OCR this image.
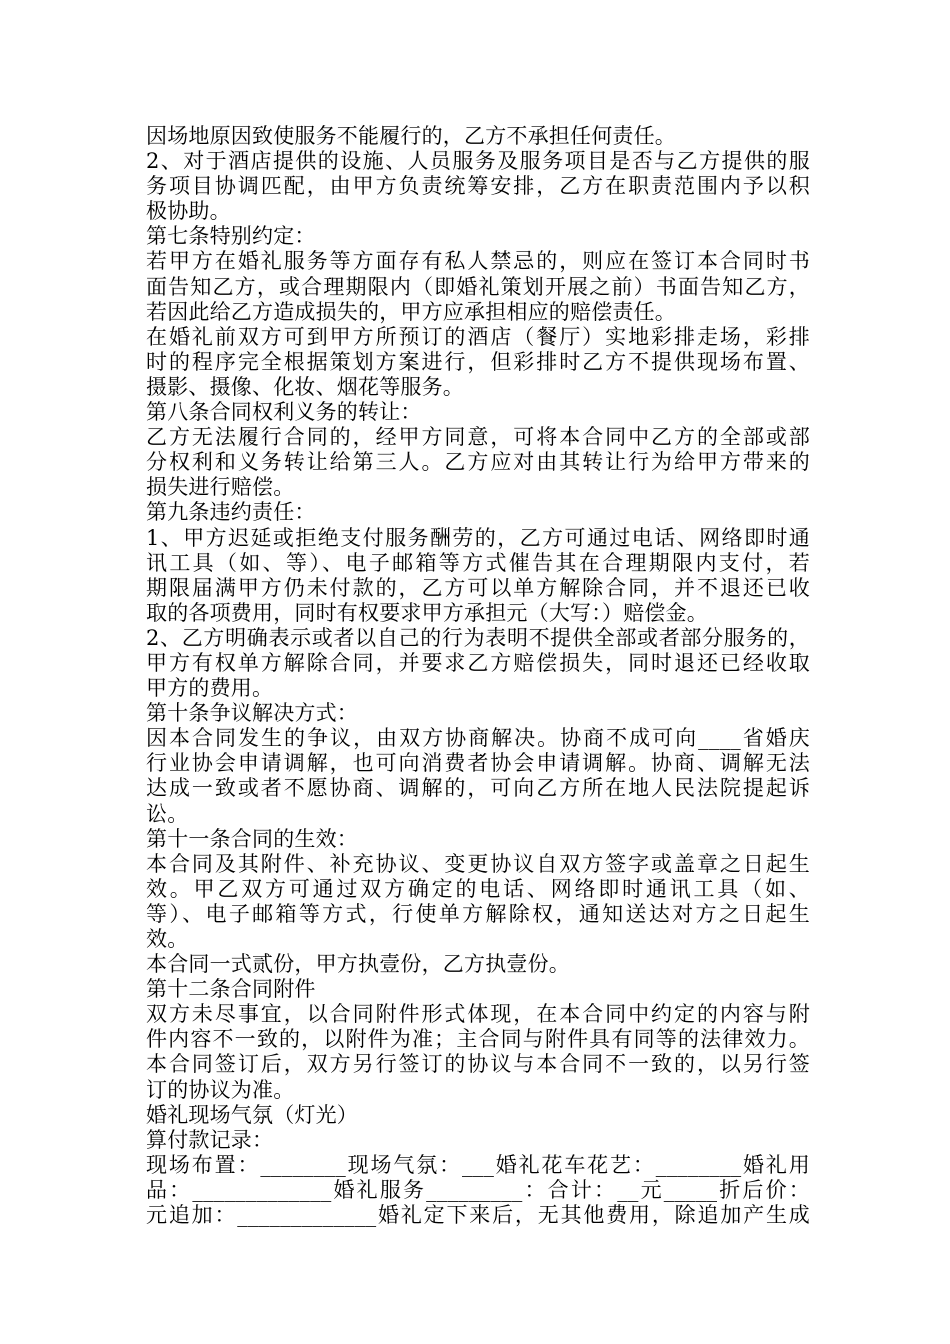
因场地原因致使服务不能履行的，乙方不承担任何责任。
2、对于酒店提供的设施、人员服务及服务项目是否与乙方提供的服
务项目协调匹配，由甲方负责统筹安排，乙方在职责范围内予以积
极协助。
第七条特别约定：
若甲方在婚礼服务等方面存有私人禁忌的，则应在签订本合同时书
面告知乙方，或合理期限内（即婚礼策划开展之前）书面告知乙方，
若因此给乙方造成损失的，甲方应承担相应的赔偿责任。
在婚礼前双方可到甲方所预订的酒店（餐厅）实地彩排走场，彩排
时的程序完全根据策划方案进行，但彩排时乙方不提供现场布置、
摄影、摄像、化妆、烟花等服务。
第八条合同权利义务的转让：
乙方无法履行合同的，经甲方同意，可将本合同中乙方的全部或部
分权利和义务转让给第三人。乙方应对由其转让行为给甲方带来的
损失进行赔偿。
第九条违约责任：
1、甲方迟延或拒绝支付服务酬劳的，乙方可通过电话、网络即时通
讯工具（如、等）、电子邮箱等方式催告其在合理期限内支付，若
期限届满甲方仍未付款的，乙方可以单方解除合同，并不退还已收
取的各项费用，同时有权要求甲方承担元（大写：）赔偿金。
2、乙方明确表示或者以自己的行为表明不提供全部或者部分服务的，
甲方有权单方解除合同，并要求乙方赔偿损失，同时退还已经收取
甲方的费用。
第十条争议解决方式：
因本合同发生的争议，由双方协商解决。协商不成可向____省婚庆
行业协会申请调解，也可向消费者协会申请调解。协商、调解无法
达成一致或者不愿协商、调解的，可向乙方所在地人民法院提起诉
讼。
第十一条合同的生效：
本合同及其附件、补充协议、变更协议自双方签字或盖章之日起生
效。甲乙双方可通过双方确定的电话、网络即时通讯工具（如、
等）、电子邮箱等方式，行使单方解除权，通知送达对方之日起生
效。
本合同一式贰份，甲方执壹份，乙方执壹份。
第十二条合同附件
双方未尽事宜，以合同附件形式体现，在本合同中约定的内容与附
件内容不一致的，以附件为准；主合同与附件具有同等的法律效力。
本合同签订后，双方另行签订的协议与本合同不一致的，以另行签
订的协议为准。
婚礼现场气氛（灯光）
算付款记录：
现场布置：________现场气氛：___婚礼花车花艺：________婚礼用
品：_____________婚礼服务_________：合计：__元_____折后价：
元追加：_____________婚礼定下来后，无其他费用，除追加产生成
